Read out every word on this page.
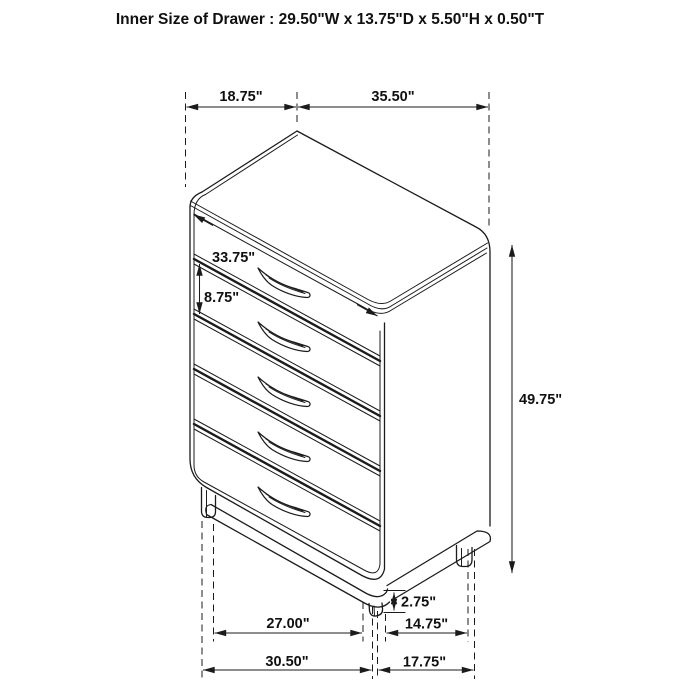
Inner Size of Drawer : 29.50"W x 13.75"D x 5.50"H x 0.50"T
18.75"	35.50"
33.75"
8.75"
49.75"
2.75"
27.00"	14.75"
30.50"	17.75"
